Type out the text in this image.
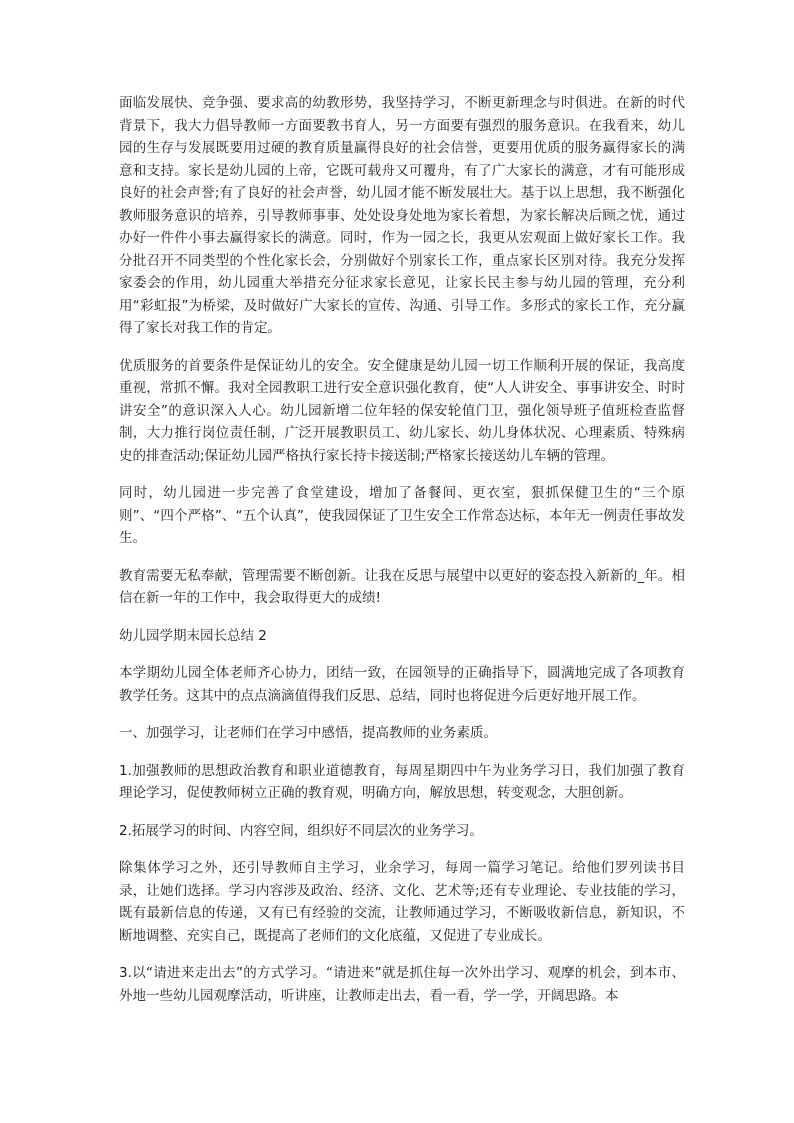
面临发展快、竞争强、要求高的幼教形势，我坚持学习，不断更新理念与时俱进。在新的时代背景下，我大力倡导教师一方面要教书育人，另一方面要有强烈的服务意识。在我看来，幼儿园的生存与发展既要用过硬的教育质量赢得良好的社会信誉，更要用优质的服务赢得家长的满意和支持。家长是幼儿园的上帝，它既可载舟又可覆舟，有了广大家长的满意，才有可能形成良好的社会声誉;有了良好的社会声誉，幼儿园才能不断发展壮大。基于以上思想，我不断强化教师服务意识的培养，引导教师事事、处处设身处地为家长着想，为家长解决后顾之忧，通过办好一件件小事去赢得家长的满意。同时，作为一园之长，我更从宏观面上做好家长工作。我分批召开不同类型的个性化家长会，分别做好个别家长工作，重点家长区别对待。我充分发挥家委会的作用，幼儿园重大举措充分征求家长意见，让家长民主参与幼儿园的管理，充分利用“彩虹报”为桥梁，及时做好广大家长的宣传、沟通、引导工作。多形式的家长工作，充分赢得了家长对我工作的肯定。

优质服务的首要条件是保证幼儿的安全。安全健康是幼儿园一切工作顺利开展的保证，我高度重视，常抓不懈。我对全园教职工进行安全意识强化教育，使“人人讲安全、事事讲安全、时时讲安全”的意识深入人心。幼儿园新增二位年轻的保安轮值门卫，强化领导班子值班检查监督制，大力推行岗位责任制，广泛开展教职员工、幼儿家长、幼儿身体状况、心理素质、特殊病史的排查活动;保证幼儿园严格执行家长持卡接送制;严格家长接送幼儿车辆的管理。

同时，幼儿园进一步完善了食堂建设，增加了备餐间、更衣室，狠抓保健卫生的“三个原则”、“四个严格”、“五个认真”，使我园保证了卫生安全工作常态达标，本年无一例责任事故发生。

教育需要无私奉献，管理需要不断创新。让我在反思与展望中以更好的姿态投入新新的_年。相信在新一年的工作中，我会取得更大的成绩!

幼儿园学期末园长总结 2

本学期幼儿园全体老师齐心协力，团结一致，在园领导的正确指导下，圆满地完成了各项教育教学任务。这其中的点点滴滴值得我们反思、总结，同时也将促进今后更好地开展工作。

一、加强学习，让老师们在学习中感悟，提高教师的业务素质。

1.加强教师的思想政治教育和职业道德教育，每周星期四中午为业务学习日，我们加强了教育理论学习，促使教师树立正确的教育观，明确方向，解放思想，转变观念，大胆创新。

2.拓展学习的时间、内容空间，组织好不同层次的业务学习。

除集体学习之外，还引导教师自主学习，业余学习，每周一篇学习笔记。给他们罗列读书目录，让她们选择。学习内容涉及政治、经济、文化、艺术等;还有专业理论、专业技能的学习，既有最新信息的传递，又有已有经验的交流，让教师通过学习，不断吸收新信息，新知识，不断地调整、充实自己，既提高了老师们的文化底蕴，又促进了专业成长。

3.以“请进来走出去”的方式学习。“请进来”就是抓住每一次外出学习、观摩的机会，到本市、外地一些幼儿园观摩活动，听讲座，让教师走出去，看一看，学一学，开阔思路。本
